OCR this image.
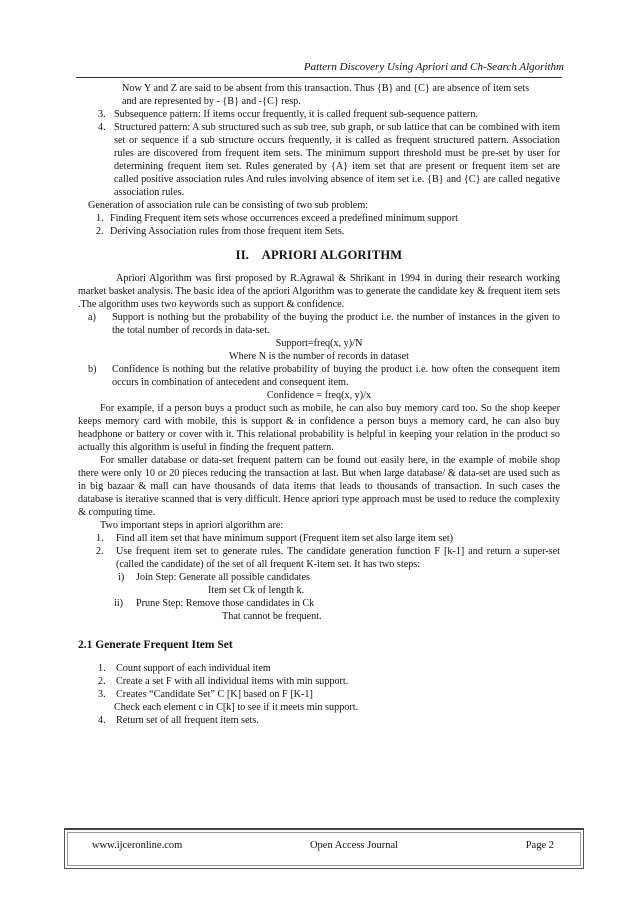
Pattern Discovery Using Apriori and Ch-Search Algorithm

Now Y and Z are said to be absent from this transaction. Thus {B} and {C} are absence of item sets

and are represented by - {B} and -{C} resp.

3. Subsequence pattern: If items occur frequently, it is called frequent sub-sequence pattern.
4. Structured pattern: A sub structured such as sub tree, sub graph, or sub lattice that can be combined with item set or sequence if a sub structure occurs frequently, it is called as frequent structured pattern. Association rules are discovered from frequent item sets. The minimum support threshold must be pre-set by user for determining frequent item set. Rules generated by {A} item set that are present or frequent item set are called positive association rules And rules involving absence of item set i.e. {B} and {C} are called negative association rules.

Generation of association rule can be consisting of two sub problem:

1. Finding Frequent item sets whose occurrences exceed a predefined minimum support
2. Deriving Association rules from those frequent item Sets.
II.    APRIORI ALGORITHM

Apriori Algorithm was first proposed by R.Agrawal & Shrikant in 1994 in during their research working market basket analysis. The basic idea of the apriori Algorithm was to generate the candidate key & frequent item sets .The algorithm uses two keywords such as support & confidence.

a)	Support is nothing but the probability of the buying the product i.e. the number of instances in the given to the total number of records in data-set.

Support=freq(x, y)/N

Where N is the number of records in dataset

b)	Confidence is nothing but the relative probability of buying the product i.e. how often the consequent item occurs in combination of antecedent and consequent item.

Confidence = freq(x, y)/x

For example, if a person buys a product such as mobile, he can also buy memory card too. So the shop keeper keeps memory card with mobile, this is support & in confidence a person buys a memory card, he can also buy headphone or battery or cover with it. This relational probability is helpful in keeping your relation in the product so actually this algorithm is useful in finding the frequent pattern.

For smaller database or data-set frequent pattern can be found out easily here, in the example of mobile shop there were only 10 or 20 pieces reducing the transaction at last. But when large database/ & data-set are used such as in big bazaar & mall can have thousands of data items that leads to thousands of transaction. In such cases the database is iterative scanned that is very difficult. Hence apriori type approach must be used to reduce the complexity & computing time.

Two important steps in apriori algorithm are:

1.	Find all item set that have minimum support (Frequent item set also large item set)
2.	Use frequent item set to generate rules. The candidate generation function F [k-1] and return a super-set (called the candidate) of the set of all frequent K-item set. It has two steps:
i)	Join Step: Generate all possible candidates

Item set Ck of length k.

ii)	Prune Step: Remove those candidates in Ck

That cannot be frequent.

2.1 Generate Frequent Item Set
1.	Count support of each individual item
2.	Create a set F with all individual items with min support.
3.	Creates “Candidate Set” C [K] based on F [K-1]

Check each element c in C[k] to see if it meets min support.

4.	Return set of all frequent item sets.
www.ijceronline.com	Open Access Journal	Page 2
